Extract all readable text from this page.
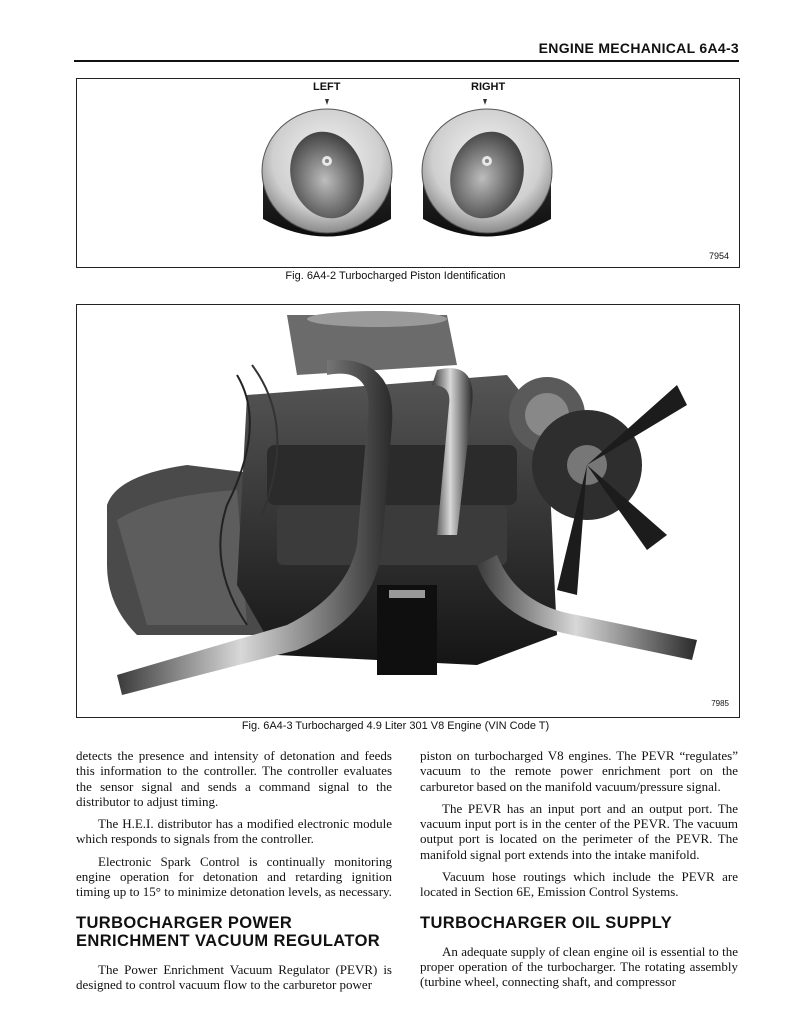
ENGINE MECHANICAL 6A4-3
LEFT	RIGHT
7954
Fig. 6A4-2 Turbocharged Piston Identification
7985
Fig. 6A4-3 Turbocharged 4.9 Liter 301 V8 Engine (VIN Code T)

detects the presence and intensity of detonation and feeds this information to the controller. The controller evaluates the sensor signal and sends a command signal to the distributor to adjust timing.

The H.E.I. distributor has a modified electronic module which responds to signals from the controller.

Electronic Spark Control is continually monitoring engine operation for detonation and retarding ignition timing up to 15° to minimize detonation levels, as necessary.

TURBOCHARGER POWER ENRICHMENT VACUUM REGULATOR

The Power Enrichment Vacuum Regulator (PEVR) is designed to control vacuum flow to the carburetor power

piston on turbocharged V8 engines. The PEVR “regulates” vacuum to the remote power enrichment port on the carburetor based on the manifold vacuum/pressure signal.

The PEVR has an input port and an output port. The vacuum input port is in the center of the PEVR. The vacuum output port is located on the perimeter of the PEVR. The manifold signal port extends into the intake manifold.

Vacuum hose routings which include the PEVR are located in Section 6E, Emission Control Systems.

TURBOCHARGER OIL SUPPLY

An adequate supply of clean engine oil is essential to the proper operation of the turbocharger. The rotating assembly (turbine wheel, connecting shaft, and compressor
